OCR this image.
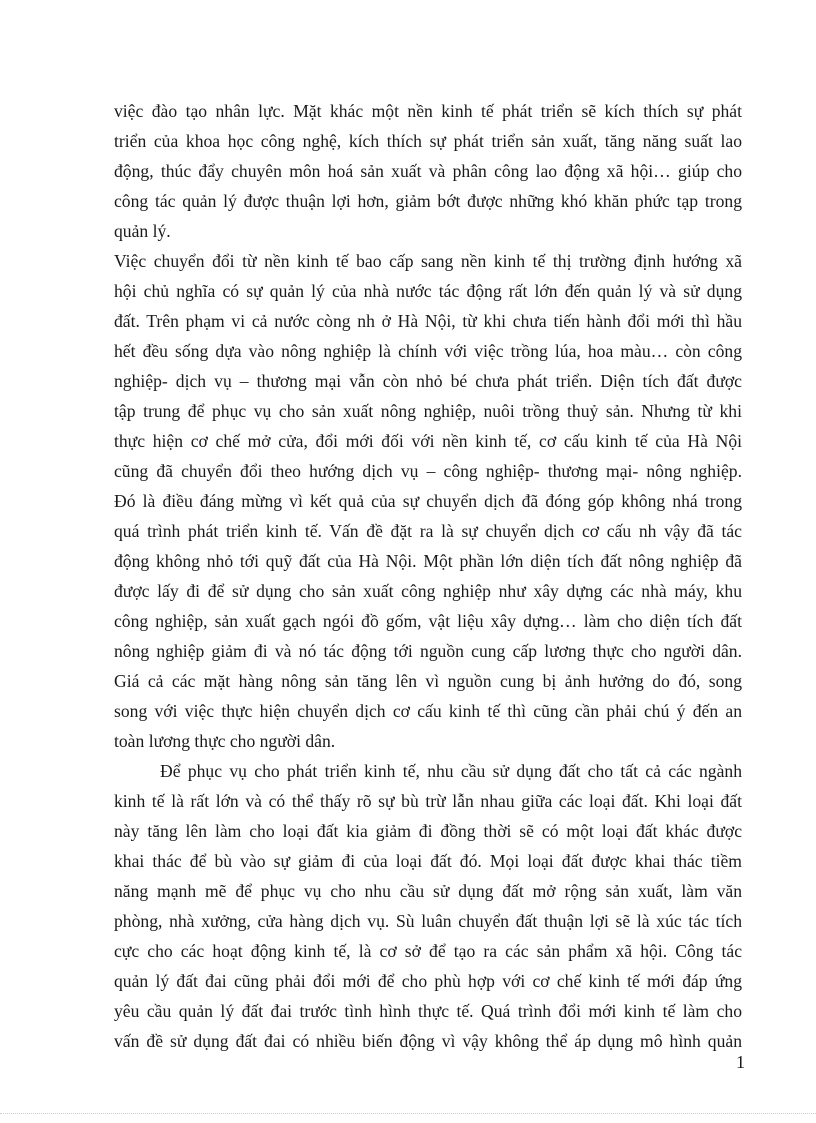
việc đào tạo nhân lực. Mặt khác một nền kinh tế phát triển sẽ kích thích sự phát
triển của khoa học công nghệ, kích thích sự phát triển sản xuất, tăng năng suất lao
động, thúc đẩy chuyên môn hoá sản xuất và phân công lao động xã hội… giúp cho
công tác quản lý được thuận lợi hơn, giảm bớt được những khó khăn phức tạp trong
quản lý.
Việc chuyển đổi từ nền kinh tế bao cấp sang nền kinh tế thị trường định hướng xã
hội chủ nghĩa có sự quản lý của nhà nước tác động rất lớn đến quản lý và sử dụng
đất. Trên phạm vi cả nước còng nh ở Hà Nội, từ khi chưa tiến hành đổi mới thì hầu
hết đều sống dựa vào nông nghiệp là chính với việc trồng lúa, hoa màu… còn công
nghiệp- dịch vụ – thương mại vẫn còn nhỏ bé chưa phát triển. Diện tích đất được
tập trung để phục vụ cho sản xuất nông nghiệp, nuôi trồng thuỷ sản. Nhưng từ khi
thực hiện cơ chế mở cửa, đổi mới đối với nền kinh tế, cơ cấu kinh tế của Hà Nội
cũng đã chuyển đổi theo hướng dịch vụ – công nghiệp- thương mại- nông nghiệp.
Đó là điều đáng mừng vì kết quả của sự chuyển dịch đã đóng góp không nhá trong
quá trình phát triển kinh tế. Vấn đề đặt ra là sự chuyển dịch cơ cấu nh vậy đã tác
động không nhỏ tới quỹ đất của Hà Nội. Một phần lớn diện tích đất nông nghiệp đã
được lấy đi để sử dụng cho sản xuất công nghiệp như xây dựng các nhà máy, khu
công nghiệp, sản xuất gạch ngói đồ gốm, vật liệu xây dựng… làm cho diện tích đất
nông nghiệp giảm đi và nó tác động tới nguồn cung cấp lương thực cho người dân.
Giá cả các mặt hàng nông sản tăng lên vì nguồn cung bị ảnh hưởng do đó, song
song với việc thực hiện chuyển dịch cơ cấu kinh tế thì cũng cần phải chú ý đến an
toàn lương thực cho người dân.
Để phục vụ cho phát triển kinh tế, nhu cầu sử dụng đất cho tất cả các ngành
kinh tế là rất lớn và có thể thấy rõ sự bù trừ lẫn nhau giữa các loại đất. Khi loại đất
này tăng lên làm cho loại đất kia giảm đi đồng thời sẽ có một loại đất khác được
khai thác để bù vào sự giảm đi của loại đất đó. Mọi loại đất được khai thác tiềm
năng mạnh mẽ để phục vụ cho nhu cầu sử dụng đất mở rộng sản xuất, làm văn
phòng, nhà xưởng, cửa hàng dịch vụ. Sù luân chuyển đất thuận lợi sẽ là xúc tác tích
cực cho các hoạt động kinh tế, là cơ sở để tạo ra các sản phẩm xã hội. Công tác
quản lý đất đai cũng phải đổi mới để cho phù hợp với cơ chế kinh tế mới đáp ứng
yêu cầu quản lý đất đai trước tình hình thực tế. Quá trình đổi mới kinh tế làm cho
vấn đề sử dụng đất đai có nhiều biến động vì vậy không thể áp dụng mô hình quản
1
